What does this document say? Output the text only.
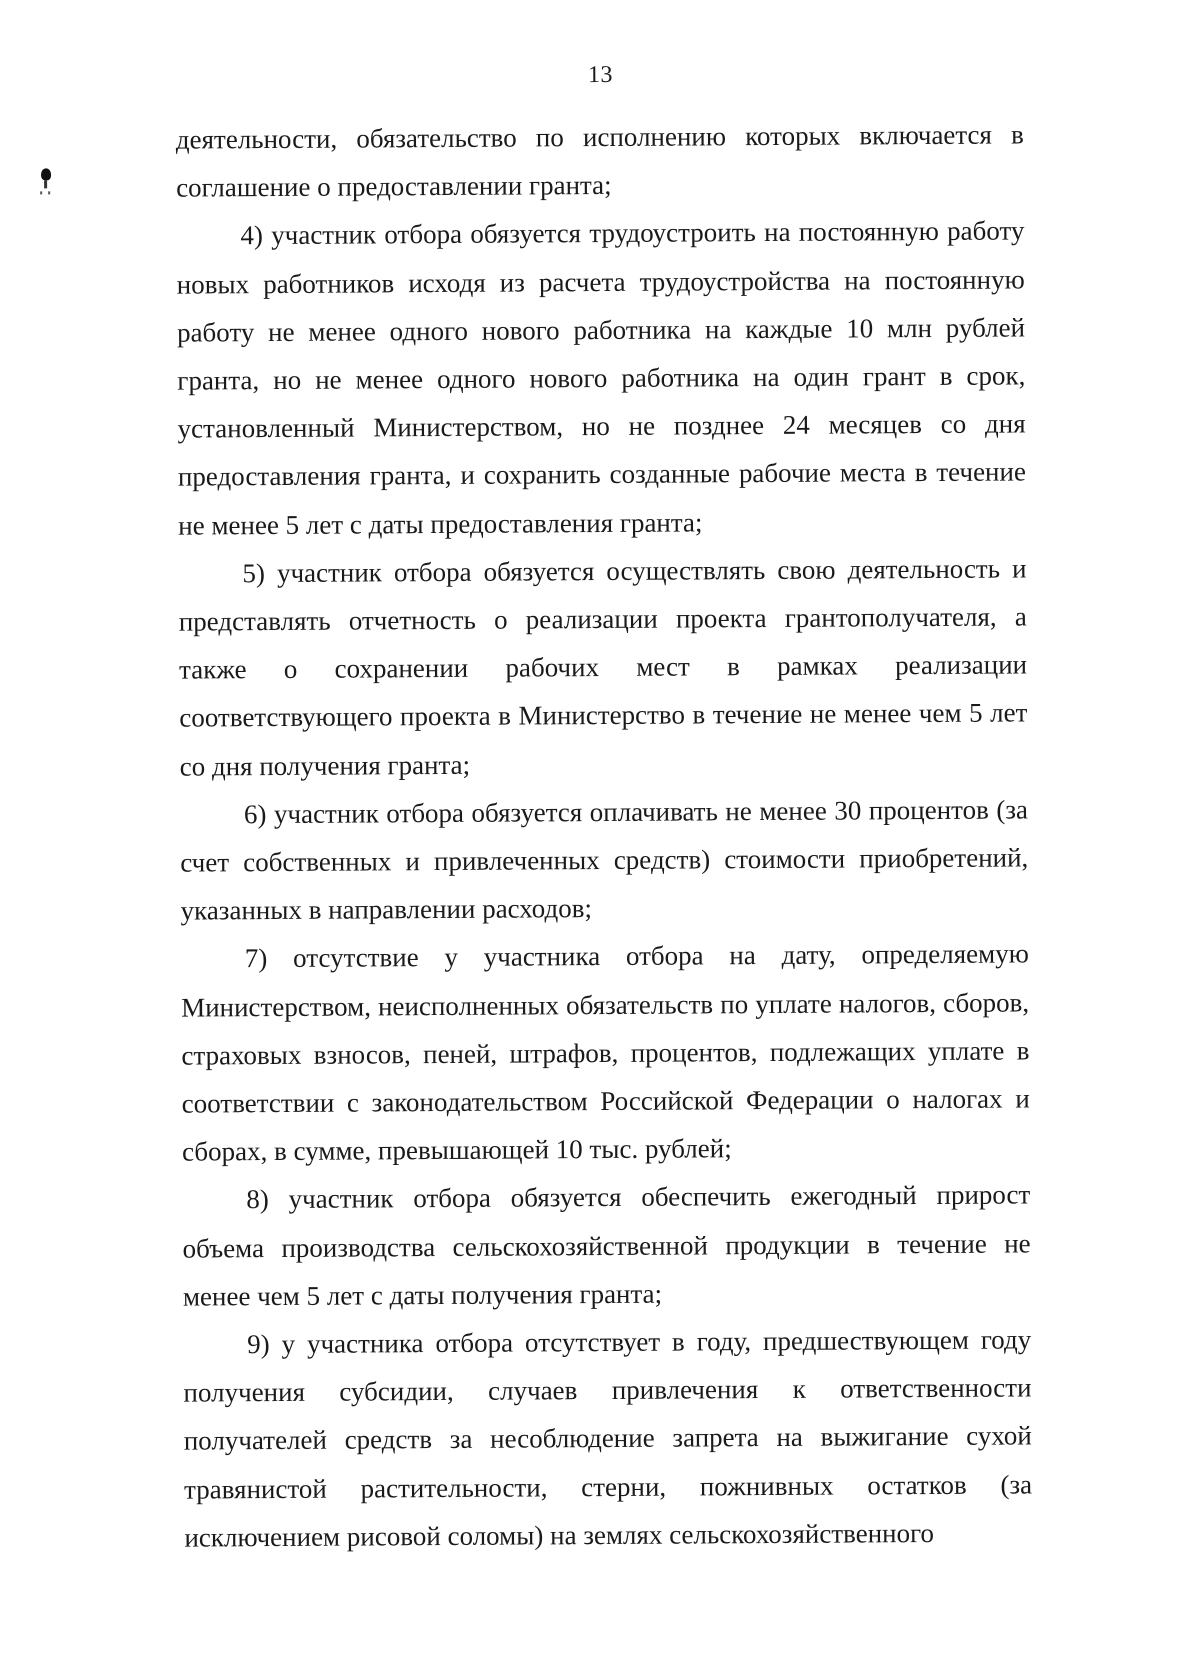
13

деятельности, обязательство по исполнению которых включается в соглашение о предоставлении гранта;

4) участник отбора обязуется трудоустроить на постоянную работу новых работников исходя из расчета трудоустройства на постоянную работу не менее одного нового работника на каждые 10 млн рублей гранта, но не менее одного нового работника на один грант в срок, установленный Министерством, но не позднее 24 месяцев со дня предоставления гранта, и сохранить созданные рабочие места в течение не менее 5 лет с даты предоставления гранта;

5) участник отбора обязуется осуществлять свою деятельность и представлять отчетность о реализации проекта грантополучателя, а также о сохранении рабочих мест в рамках реализации соответствующего проекта в Министерство в течение не менее чем 5 лет со дня получения гранта;

6) участник отбора обязуется оплачивать не менее 30 процентов (за счет собственных и привлеченных средств) стоимости приобретений, указанных в направлении расходов;

7) отсутствие у участника отбора на дату, определяемую Министерством, неисполненных обязательств по уплате налогов, сборов, страховых взносов, пеней, штрафов, процентов, подлежащих уплате в соответствии с законодательством Российской Федерации о налогах и сборах, в сумме, превышающей 10 тыс. рублей;

8) участник отбора обязуется обеспечить ежегодный прирост объема производства сельскохозяйственной продукции в течение не менее чем 5 лет с даты получения гранта;

9) у участника отбора отсутствует в году, предшествующем году получения субсидии, случаев привлечения к ответственности получателей средств за несоблюдение запрета на выжигание сухой травянистой растительности, стерни, пожнивных остатков (за исключением рисовой соломы) на землях сельскохозяйственного
